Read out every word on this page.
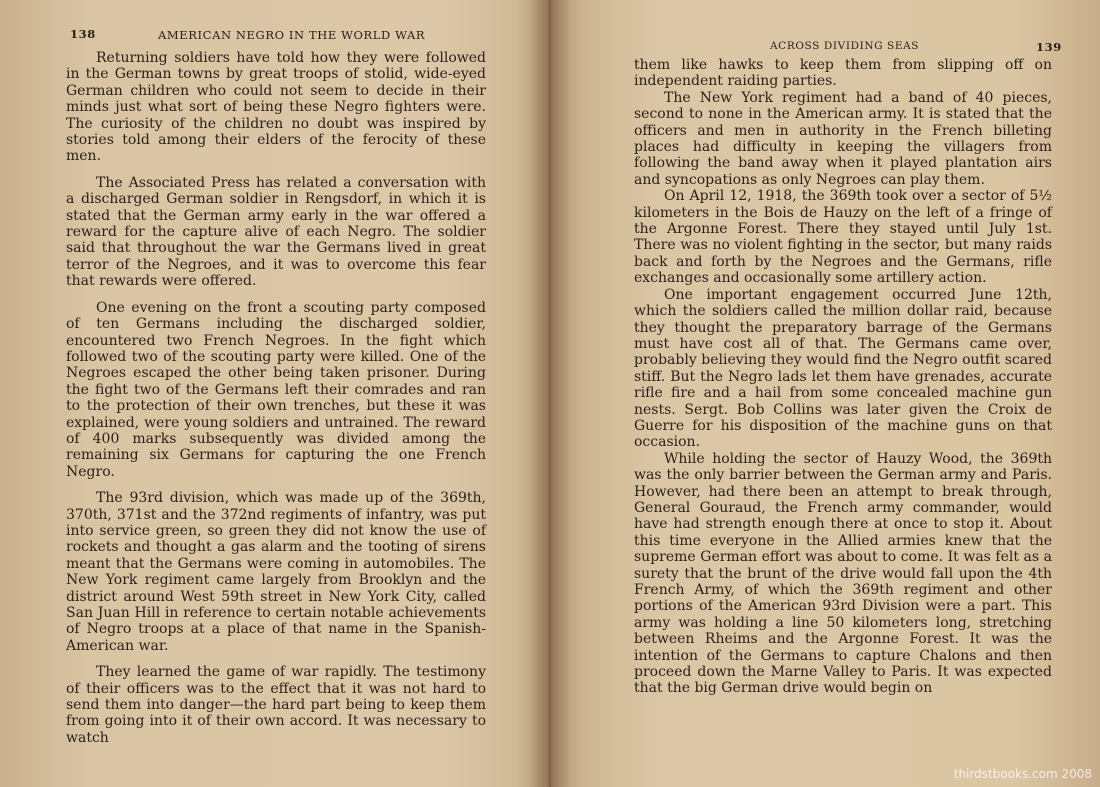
138	AMERICAN NEGRO IN THE WORLD WAR

Returning soldiers have told how they were followed in the German towns by great troops of stolid, wide-eyed German children who could not seem to decide in their minds just what sort of being these Negro fighters were. The curiosity of the children no doubt was inspired by stories told among their elders of the ferocity of these men.

The Associated Press has related a conversation with a discharged German soldier in Rengsdorf, in which it is stated that the German army early in the war offered a reward for the capture alive of each Negro. The soldier said that throughout the war the Germans lived in great terror of the Negroes, and it was to overcome this fear that rewards were offered.

One evening on the front a scouting party composed of ten Germans including the discharged soldier, encountered two French Negroes. In the fight which followed two of the scouting party were killed. One of the Negroes escaped the other being taken prisoner. During the fight two of the Germans left their comrades and ran to the protection of their own trenches, but these it was explained, were young soldiers and untrained. The reward of 400 marks subsequently was divided among the remaining six Germans for capturing the one French Negro.

The 93rd division, which was made up of the 369th, 370th, 371st and the 372nd regiments of infantry, was put into service green, so green they did not know the use of rockets and thought a gas alarm and the tooting of sirens meant that the Germans were coming in automobiles. The New York regiment came largely from Brooklyn and the district around West 59th street in New York City, called San Juan Hill in reference to certain notable achievements of Negro troops at a place of that name in the Spanish-American war.

They learned the game of war rapidly. The testimony of their officers was to the effect that it was not hard to send them into danger—the hard part being to keep them from going into it of their own accord. It was necessary to watch

ACROSS DIVIDING SEAS	139

them like hawks to keep them from slipping off on independent raiding parties.

The New York regiment had a band of 40 pieces, second to none in the American army. It is stated that the officers and men in authority in the French billeting places had difficulty in keeping the villagers from following the band away when it played plantation airs and syncopations as only Negroes can play them.

On April 12, 1918, the 369th took over a sector of 5½ kilometers in the Bois de Hauzy on the left of a fringe of the Argonne Forest. There they stayed until July 1st. There was no violent fighting in the sector, but many raids back and forth by the Negroes and the Germans, rifle exchanges and occasionally some artillery action.

One important engagement occurred June 12th, which the soldiers called the million dollar raid, because they thought the preparatory barrage of the Germans must have cost all of that. The Germans came over, probably believing they would find the Negro outfit scared stiff. But the Negro lads let them have grenades, accurate rifle fire and a hail from some concealed machine gun nests. Sergt. Bob Collins was later given the Croix de Guerre for his disposition of the machine guns on that occasion.

While holding the sector of Hauzy Wood, the 369th was the only barrier between the German army and Paris. However, had there been an attempt to break through, General Gouraud, the French army commander, would have had strength enough there at once to stop it. About this time everyone in the Allied armies knew that the supreme German effort was about to come. It was felt as a surety that the brunt of the drive would fall upon the 4th French Army, of which the 369th regiment and other portions of the American 93rd Division were a part. This army was holding a line 50 kilometers long, stretching between Rheims and the Argonne Forest. It was the intention of the Germans to capture Chalons and then proceed down the Marne Valley to Paris. It was expected that the big German drive would begin on

thirdstbooks.com 2008
